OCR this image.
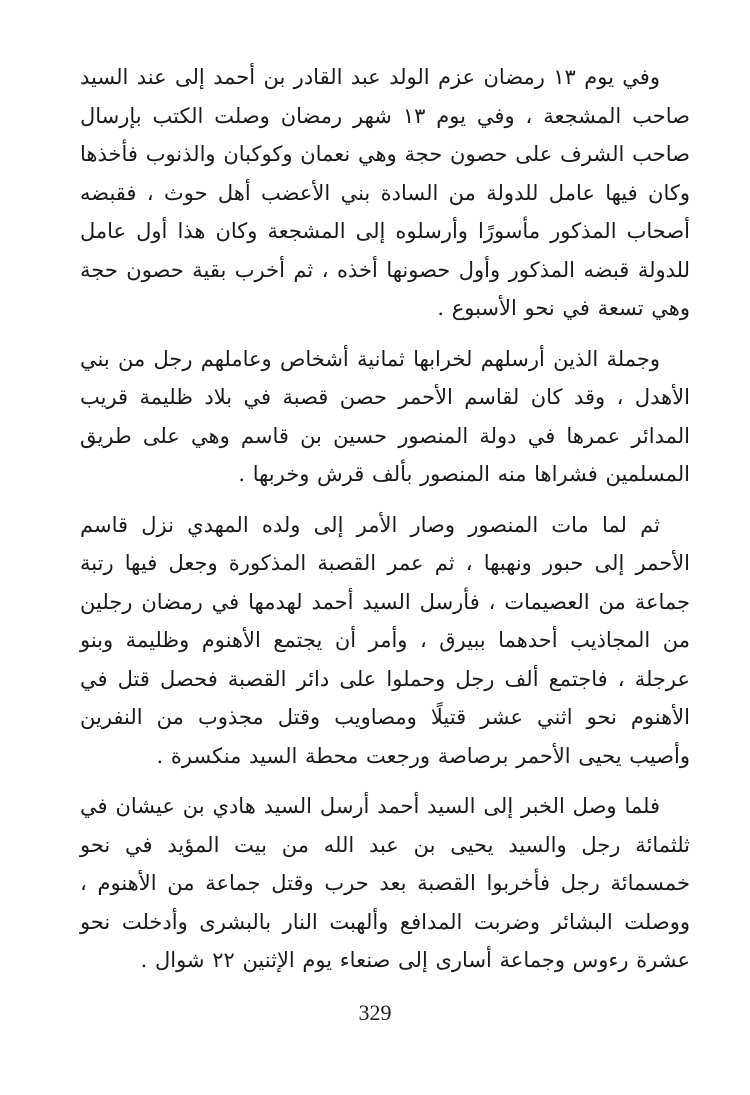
وفي يوم ١٣ رمضان عزم الولد عبد القادر بن أحمد إلى عند السيد صاحب المشجعة ، وفي يوم ١٣ شهر رمضان وصلت الكتب بإرسال صاحب الشرف على حصون حجة وهي نعمان وكوكبان والذنوب فأخذها وكان فيها عامل للدولة من السادة بني الأعضب أهل حوث ، فقبضه أصحاب المذكور مأسورًا وأرسلوه إلى المشجعة وكان هذا أول عامل للدولة قبضه المذكور وأول حصونها أخذه ، ثم أخرب بقية حصون حجة وهي تسعة في نحو الأسبوع .

وجملة الذين أرسلهم لخرابها ثمانية أشخاص وعاملهم رجل من بني الأهدل ، وقد كان لقاسم الأحمر حصن قصبة في بلاد ظليمة قريب المدائر عمرها في دولة المنصور حسين بن قاسم وهي على طريق المسلمين فشراها منه المنصور بألف قرش وخربها .

ثم لما مات المنصور وصار الأمر إلى ولده المهدي نزل قاسم الأحمر إلى حبور ونهبها ، ثم عمر القصبة المذكورة وجعل فيها رتبة جماعة من العصيمات ، فأرسل السيد أحمد لهدمها في رمضان رجلين من المجاذيب أحدهما ببيرق ، وأمر أن يجتمع الأهنوم وظليمة وبنو عرجلة ، فاجتمع ألف رجل وحملوا على دائر القصبة فحصل قتل في الأهنوم نحو اثني عشر قتيلًا ومصاويب وقتل مجذوب من النفرين وأصيب يحيى الأحمر برصاصة ورجعت محطة السيد منكسرة .

فلما وصل الخبر إلى السيد أحمد أرسل السيد هادي بن عيشان في ثلثمائة رجل والسيد يحيى بن عبد الله من بيت المؤيد في نحو خمسمائة رجل فأخربوا القصبة بعد حرب وقتل جماعة من الأهنوم ، ووصلت البشائر وضربت المدافع وألهبت النار بالبشرى وأدخلت نحو عشرة رءوس وجماعة أسارى إلى صنعاء يوم الإثنين ٢٢ شوال .

329
